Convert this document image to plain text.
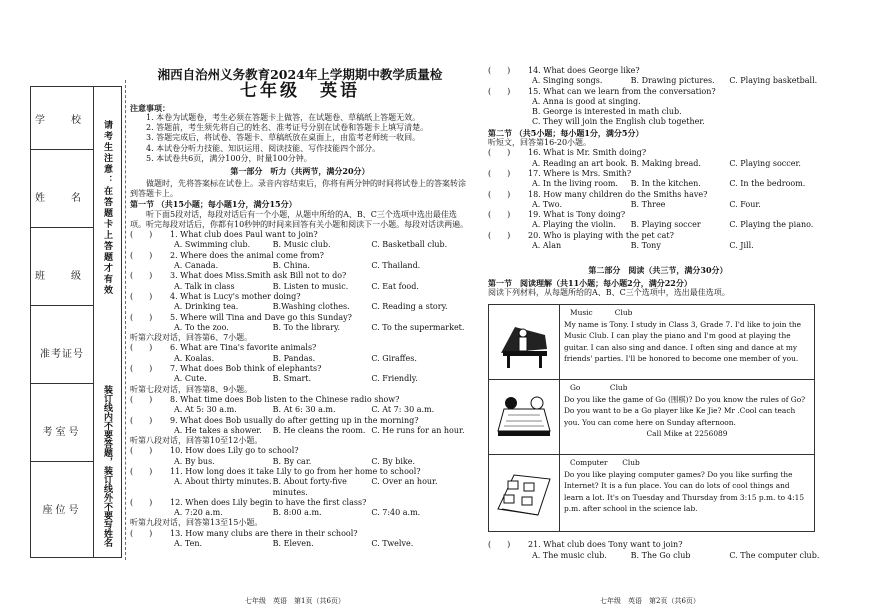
学　校
姓　名
班　级
准考证号
考室号
座位号
请考生注意：在答题卡上答题才有效
装订线内不要答题，装订线外不要写姓名
湘西自治州义务教育2024年上学期期中教学质量检
七年级　英语
注意事项：
1. 本卷为试题卷，考生必须在答题卡上做答，在试题卷、草稿纸上答题无效。
2. 答题前，考生须先将自己的姓名、准考证号分别在试卷和答题卡上填写清楚。
3. 答题完成后，将试卷、答题卡、草稿纸放在桌面上，由监考老师统一收回。
4. 本试卷分听力技能、知识运用、阅读技能、写作技能四个部分。
5. 本试卷共6页，满分100分，时量100分钟。
第一部分　听力（共两节，满分20分）
做题时，先将答案标在试卷上。录音内容结束后，你将有两分钟的时间将试卷上的答案转涂到答题卡上。
第一节 （共15小题；每小题1分，满分15分）
听下面5段对话，每段对话后有一个小题，从题中所给的A、B、C三个选项中选出最佳选项。听完每段对话后，你都有10秒钟的时间来回答有关小题和阅读下一小题。每段对话读两遍。
(　　)	1. What club does Paul want to join?
A. Swimming club.	B. Music club.	C. Basketball club.
(　　)	2. Where does the animal come from?
A. Canada.	B. China.	C. Thailand.
(　　)	3. What does Miss.Smith ask Bill not to do?
A. Talk in class	B. Listen to music.	C. Eat food.
(　　)	4. What is Lucy's mother doing?
A. Drinking tea.	B.Washing clothes.	C. Reading a story.
(　　)	5. Where will Tina and Dave go this Sunday?
A. To the zoo.	B. To the library.	C. To the supermarket.
听第六段对话，回答第6、7小题。
(　　)	6. What are Tina's favorite animals?
A. Koalas.	B. Pandas.	C. Giraffes.
(　　)	7. What does Bob think of elephants?
A. Cute.	B. Smart.	C. Friendly.
听第七段对话，回答第8、9小题。
(　　)	8. What time does Bob listen to the Chinese radio show?
A. At 5: 30 a.m.	B. At 6: 30 a.m.	C. At 7: 30 a.m.
(　　)	9. What does Bob usually do after getting up in the morning?
A. He takes a shower.	B. He cleans the room. C. He runs for an hour.
听第八段对话，回答第10至12小题。
(　　)	10. How does Lily go to school?
A. By bus.	B. By car.	C. By bike.
(　　)	11. How long does it take Lily to go from her home to school?
A. About thirty minutes. B. About forty-five minutes.
C. Over an hour.
(　　)	12. When does Lily begin to have the first class?
A. 7:20 a.m.	B. 8:00 a.m.	C. 7:40 a.m.
听第九段对话，回答第13至15小题。
(　　)	13. How many clubs are there in their school?
A. Ten.	B. Eleven.	C. Twelve.
(　　)	14. What does George like?
A. Singing songs.	B. Drawing pictures.	C. Playing basketball.
(　　)	15. What can we learn from the conversation?
A. Anna is good at singing.
B. George is interested in math club.
C. They will join the English club together.
第二节 （共5小题；每小题1分，满分5分）
听短文，回答第16-20小题。
(　　)	16. What is Mr. Smith doing?
A. Reading an art book. B. Making bread.	C. Playing soccer.
(　　)	17. Where is Mrs. Smith?
A. In the living room.	B. In the kitchen.	C. In the bedroom.
(　　)	18. How many children do the Smiths have?
A. Two.	B. Three	C. Four.
(　　)	19. What is Tony doing?
A. Playing the violin.	B. Playing soccer	C. Playing the piano.
(　　)	20. Who is playing with the pet cat?
A. Alan	B. Tony	C. Jill.
第二部分　阅读（共三节，满分30分）
第一节　阅读理解（共11小题；每小题2分，满分22分）
阅读下列材料，从每题所给的A、B、C三个选项中，选出最佳选项。
Music　　　Club
My name is Tony. I study in Class 3, Grade 7. I'd like to join the Music Club. I can play the piano and I'm good at playing the guitar. I can also sing and dance. I often sing and dance at my friends' parties. I'll be honored to become one member of you.
Go　　　　Club
Do you like the game of Go (围棋)? Do you know the rules of Go? Do you want to be a Go player like Ke Jie? Mr .Cool can teach you. You can come here on Sunday afternoon.
Call Mike at 2256089
Computer　　Club
Do you like playing computer games? Do you like surfing the Internet? It is a fun place. You can do lots of cool things and learn a lot. It's on Tuesday and Thursday from 3:15 p.m. to 4:15 p.m. after school in the science lab.
(　　)	21. What club does Tony want to join?
A. The music club.	B. The Go club	C. The computer club.
七年级　英语　第1页（共6页）	七年级　英语　第2页（共6页）
